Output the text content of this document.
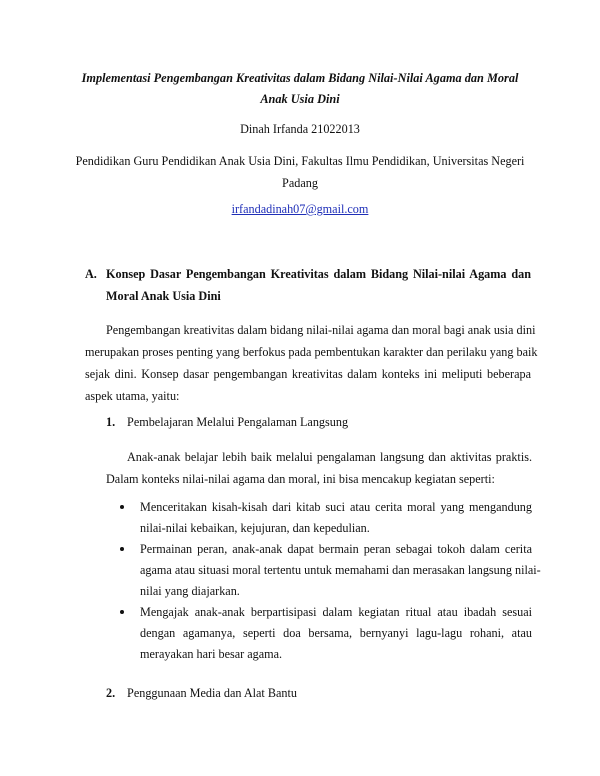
Implementasi Pengembangan Kreativitas dalam Bidang Nilai-Nilai Agama dan Moral
Anak Usia Dini
Dinah Irfanda 21022013
Pendidikan Guru Pendidikan Anak Usia Dini, Fakultas Ilmu Pendidikan, Universitas Negeri
Padang
irfandadinah07@gmail.com
A. Konsep Dasar Pengembangan Kreativitas dalam Bidang Nilai-nilai Agama dan
Moral Anak Usia Dini
Pengembangan kreativitas dalam bidang nilai-nilai agama dan moral bagi anak usia dini
merupakan proses penting yang berfokus pada pembentukan karakter dan perilaku yang baik
sejak dini. Konsep dasar pengembangan kreativitas dalam konteks ini meliputi beberapa
aspek utama, yaitu:
1. Pembelajaran Melalui Pengalaman Langsung
Anak-anak belajar lebih baik melalui pengalaman langsung dan aktivitas praktis.
Dalam konteks nilai-nilai agama dan moral, ini bisa mencakup kegiatan seperti:
Menceritakan kisah-kisah dari kitab suci atau cerita moral yang mengandung
nilai-nilai kebaikan, kejujuran, dan kepedulian.
Permainan peran, anak-anak dapat bermain peran sebagai tokoh dalam cerita
agama atau situasi moral tertentu untuk memahami dan merasakan langsung nilai-
nilai yang diajarkan.
Mengajak anak-anak berpartisipasi dalam kegiatan ritual atau ibadah sesuai
dengan agamanya, seperti doa bersama, bernyanyi lagu-lagu rohani, atau
merayakan hari besar agama.
2. Penggunaan Media dan Alat Bantu
